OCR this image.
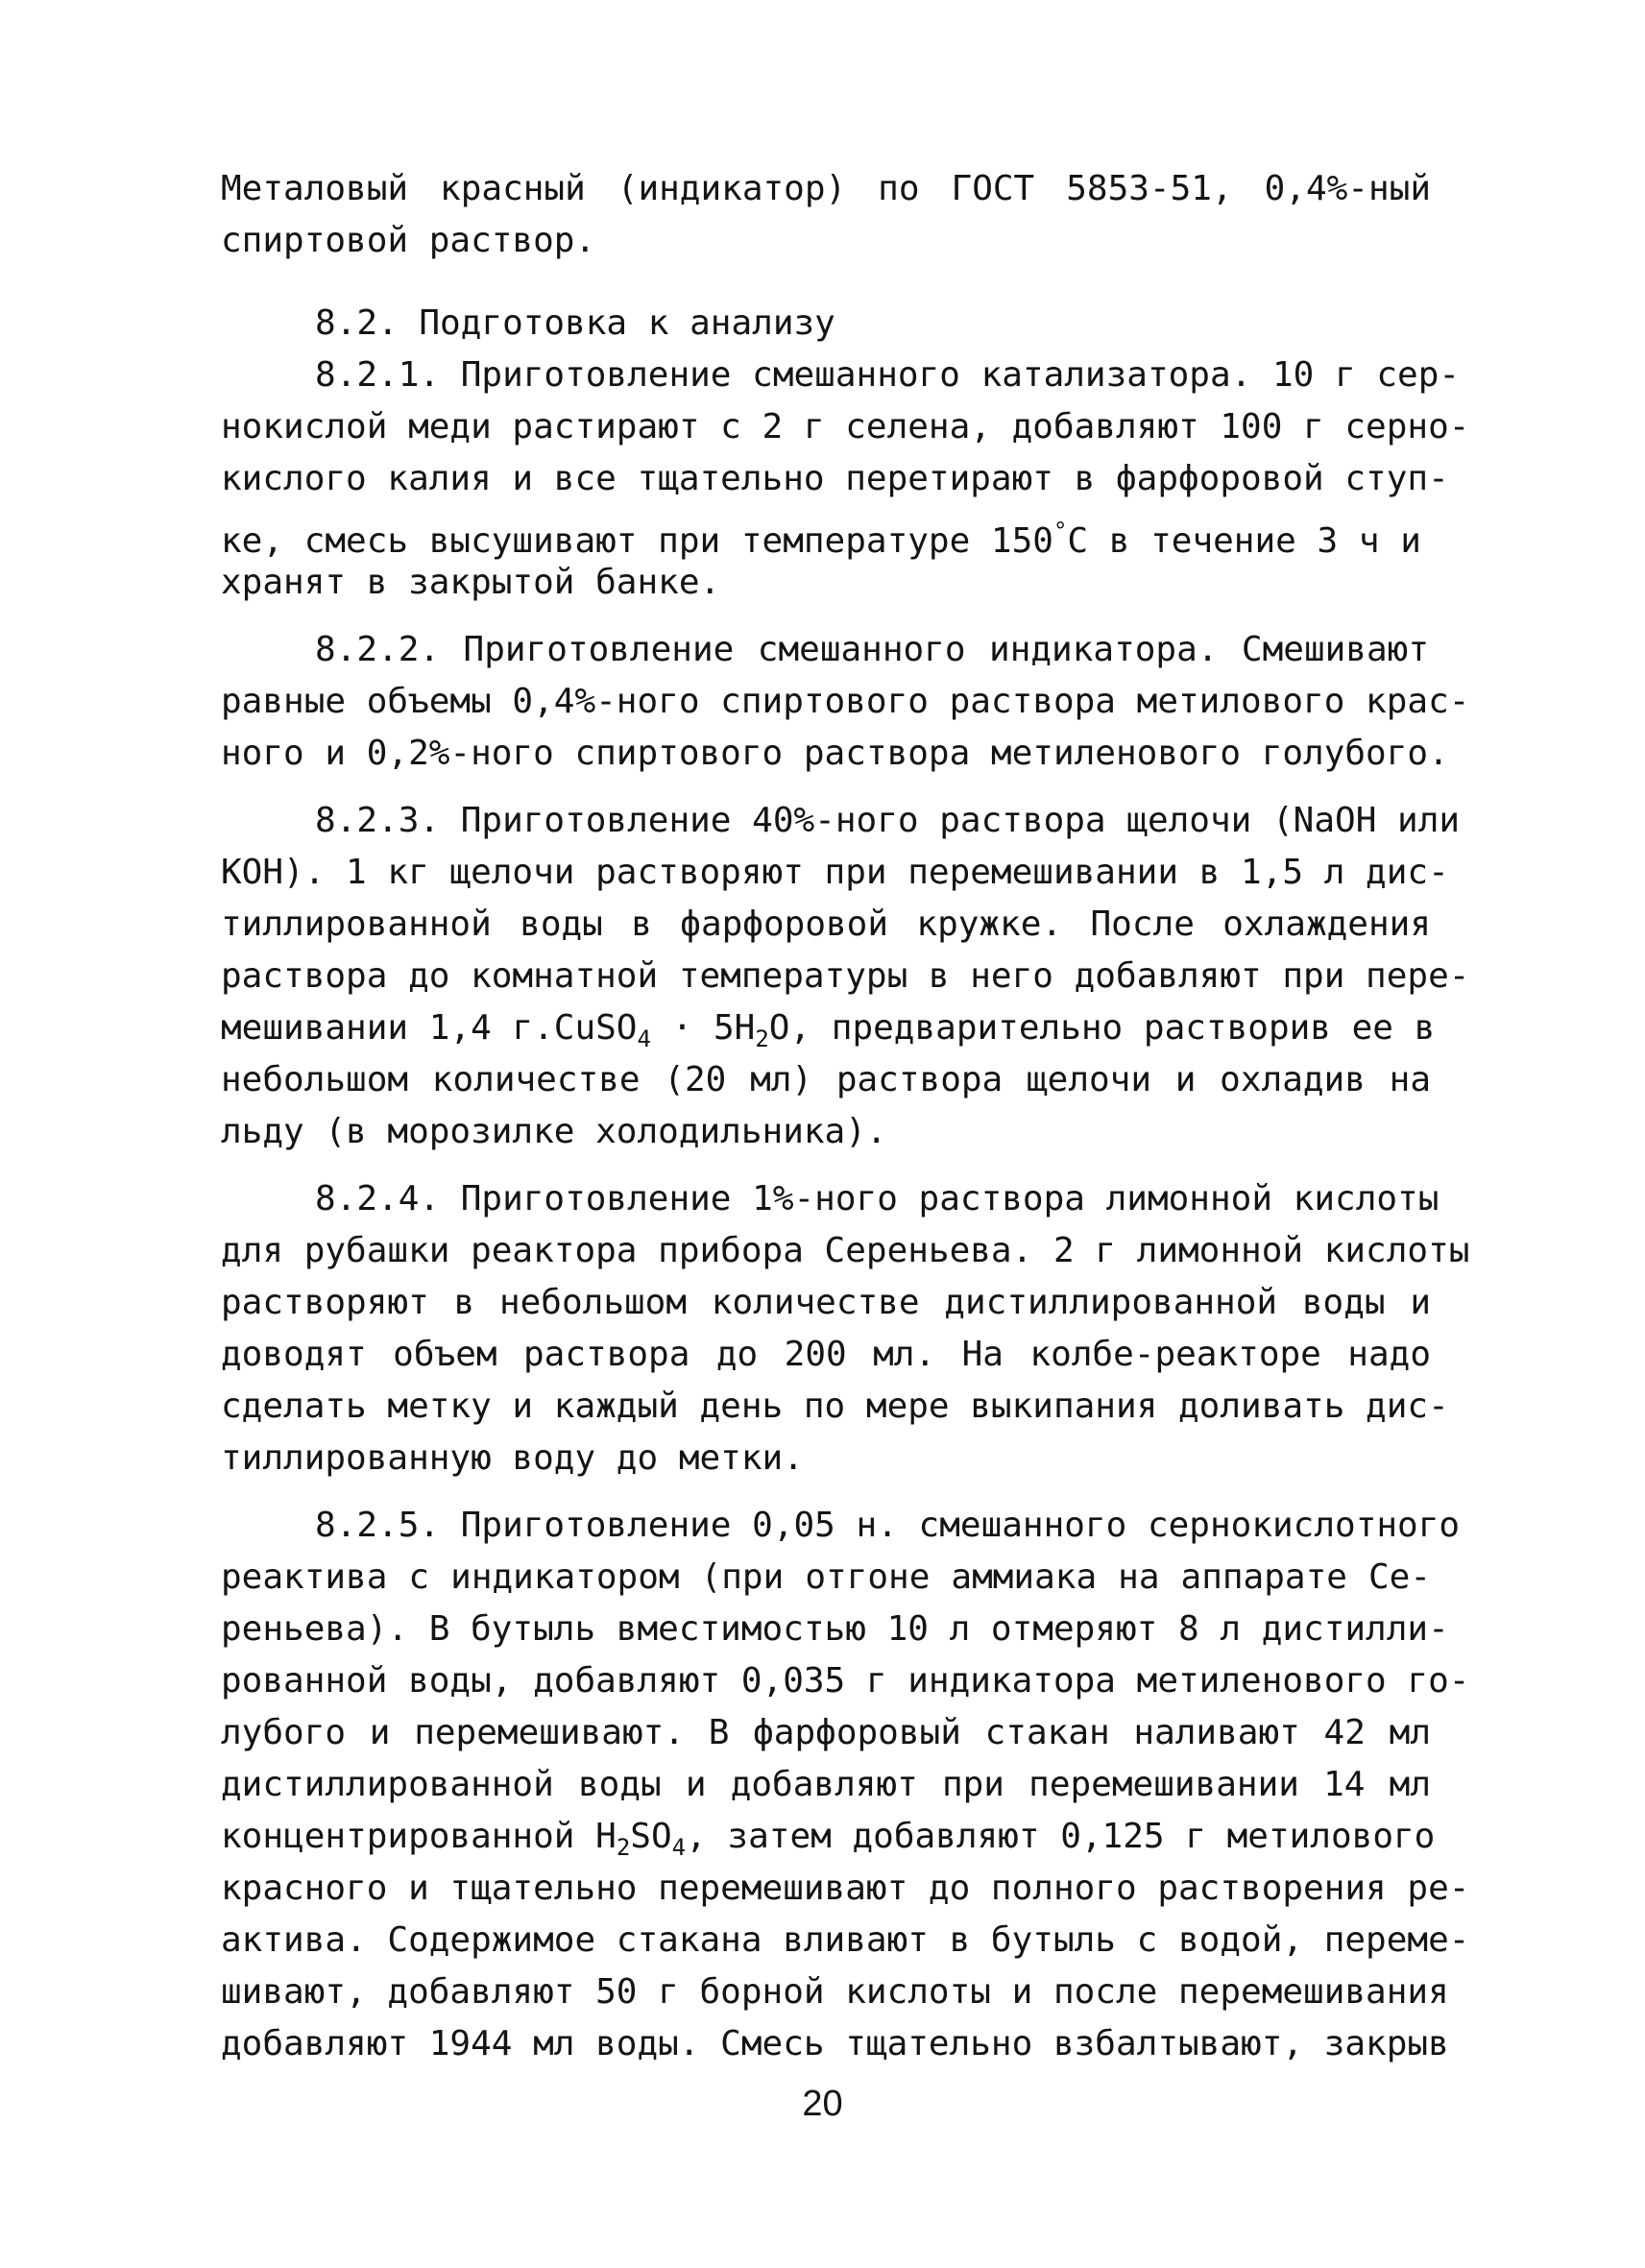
Металовый красный (индикатор) по ГОСТ 5853-51, 0,4%-ный
спиртовой раствор.
8.2. Подготовка к анализу
8.2.1. Приготовление смешанного катализатора. 10 г сер-
нокислой меди растирают с 2 г селена, добавляют 100 г серно-
кислого калия и все тщательно перетирают в фарфоровой ступ-
ке, смесь высушивают при температуре 150°С в течение 3 ч и
хранят в закрытой банке.
8.2.2. Приготовление смешанного индикатора. Смешивают
равные объемы 0,4%-ного спиртового раствора метилового крас-
ного и 0,2%-ного спиртового раствора метиленового голубого.
8.2.3. Приготовление 40%-ного раствора щелочи (NaOH или
КОН). 1 кг щелочи растворяют при перемешивании в 1,5 л дис-
тиллированной воды в фарфоровой кружке. После охлаждения
раствора до комнатной температуры в него добавляют при пере-
мешивании 1,4 г.CuSO$_4$ · $5H_2O$, предварительно растворив ее в
небольшом количестве (20 мл) раствора щелочи и охладив на
льду (в морозилке холодильника).
8.2.4. Приготовление 1%-ного раствора лимонной кислоты
для рубашки реактора прибора Сереньева. 2 г лимонной кислоты
растворяют в небольшом количестве дистиллированной воды и
доводят объем раствора до 200 мл. На колбе-реакторе надо
сделать метку и каждый день по мере выкипания доливать дис-
тиллированную воду до метки.
8.2.5. Приготовление 0,05 н. смешанного сернокислотного
реактива с индикатором (при отгоне аммиака на аппарате Се-
реньева). В бутыль вместимостью 10 л отмеряют 8 л дистилли-
рованной воды, добавляют 0,035 г индикатора метиленового го-
лубого и перемешивают. В фарфоровый стакан наливают 42 мл
дистиллированной воды и добавляют при перемешивании 14 мл
концентрированной $H_2SO_4$, затем добавляют 0,125 г метилового
красного и тщательно перемешивают до полного растворения ре-
актива. Содержимое стакана вливают в бутыль с водой, переме-
шивают, добавляют 50 г борной кислоты и после перемешивания
добавляют 1944 мл воды. Смесь тщательно взбалтывают, закрыв
20
